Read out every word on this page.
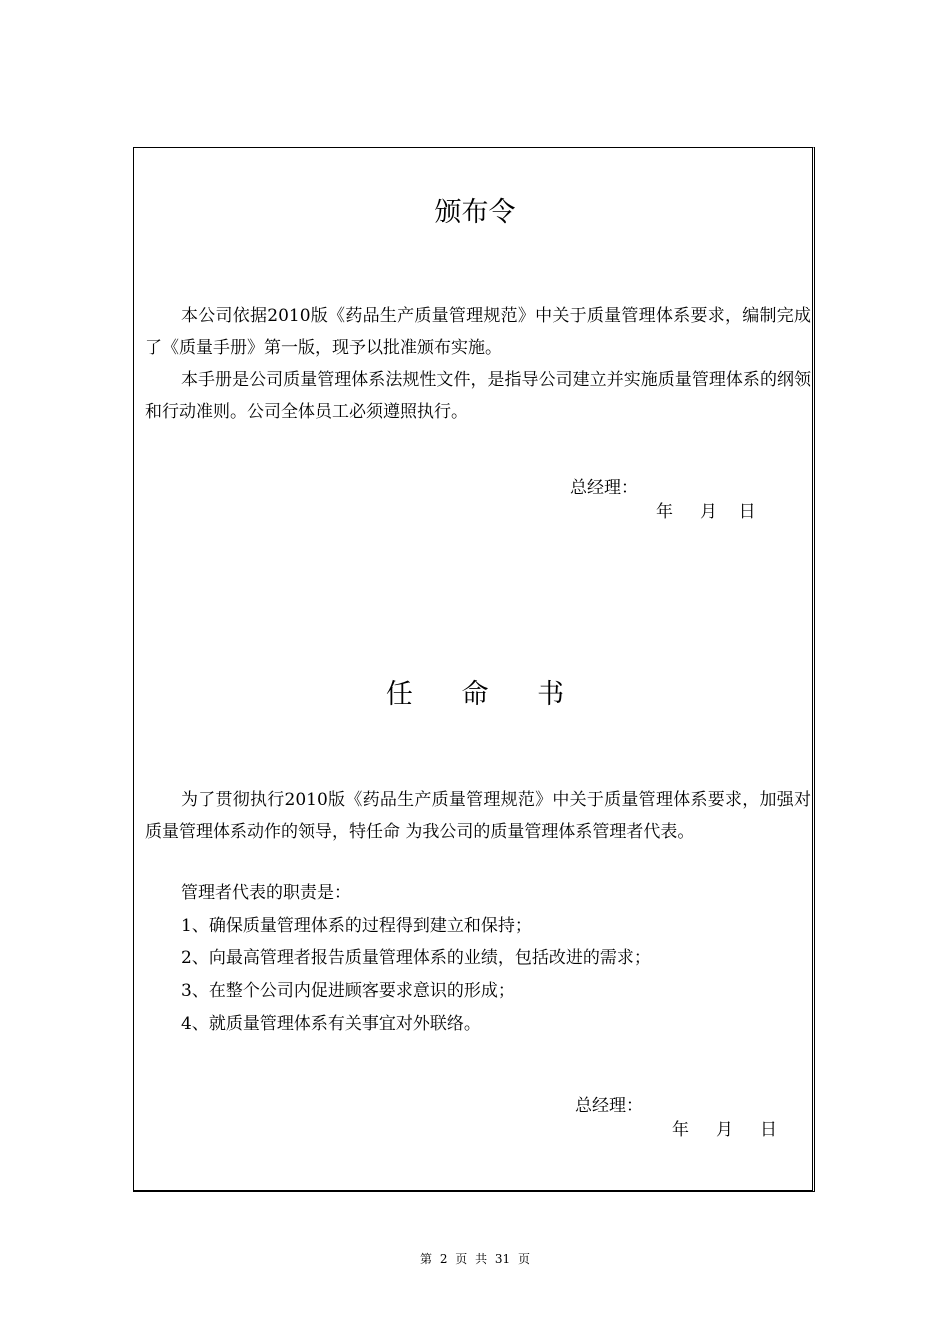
颁布令

本公司依据2010版《药品生产质量管理规范》中关于质量管理体系要求，编制完成了《质量手册》第一版，现予以批准颁布实施。

本手册是公司质量管理体系法规性文件，是指导公司建立并实施质量管理体系的纲领和行动准则。公司全体员工必须遵照执行。

总经理：
年     月    日
任 命 书

为了贯彻执行2010版《药品生产质量管理规范》中关于质量管理体系要求，加强对质量管理体系动作的领导，特任命 为我公司的质量管理体系管理者代表。

管理者代表的职责是：
1、确保质量管理体系的过程得到建立和保持；
2、向最高管理者报告质量管理体系的业绩，包括改进的需求；
3、在整个公司内促进顾客要求意识的形成；
4、就质量管理体系有关事宜对外联络。
总经理：
年     月     日
第 2 页 共 31 页
